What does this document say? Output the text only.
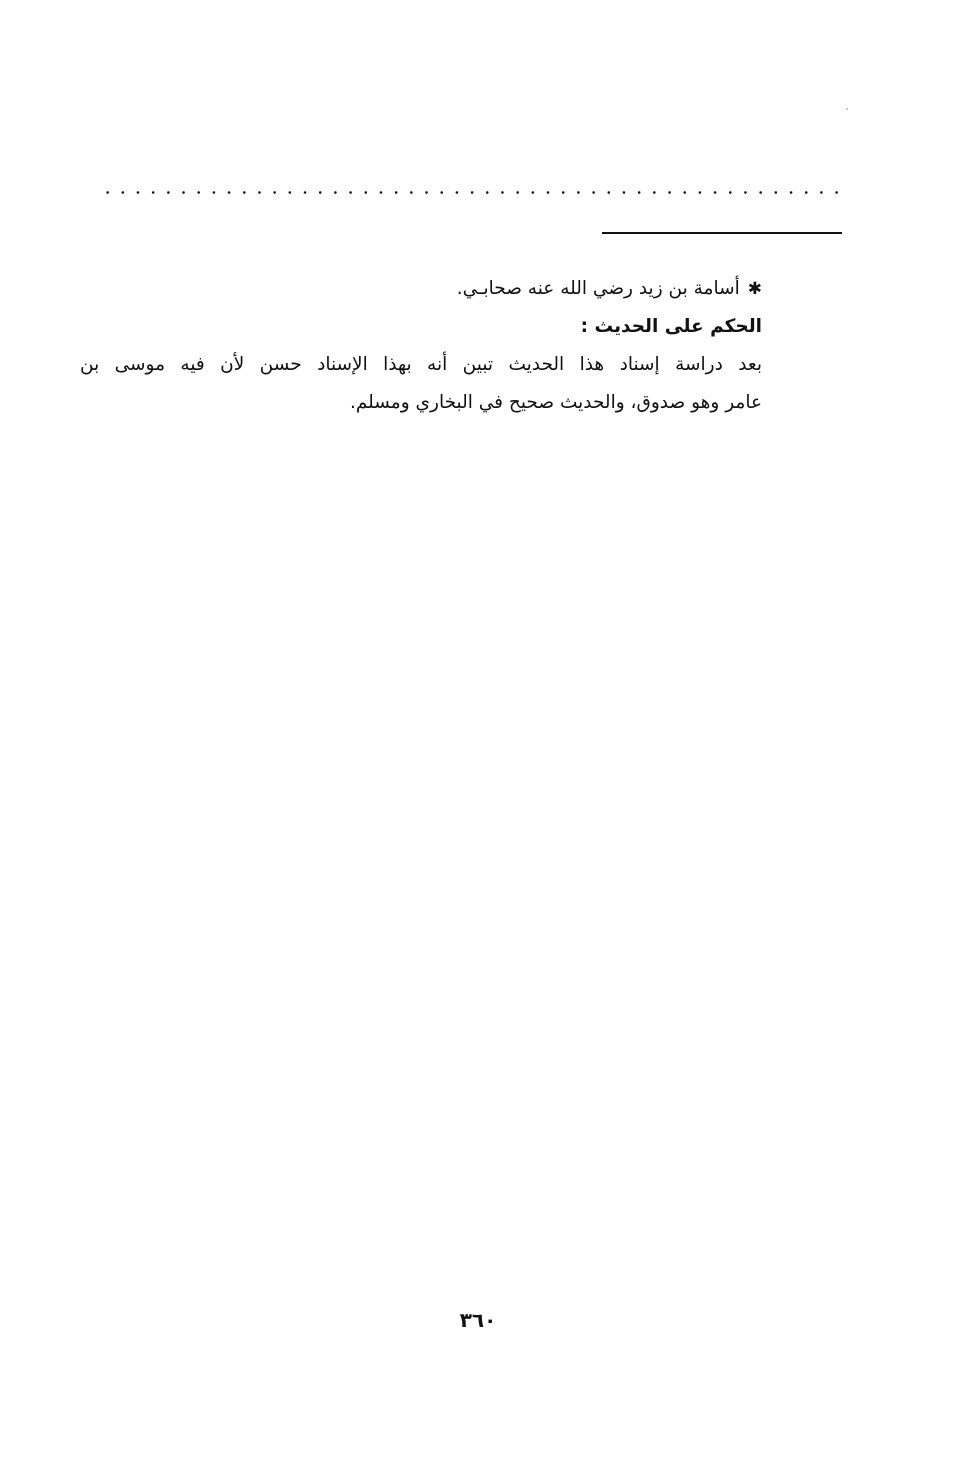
✱أسامة بن زيد رضي الله عنه صحابـي.
الحكم على الحديث :
بعد دراسة إسناد هذا الحديث تبين أنه بهذا الإسناد حسن لأن فيه موسى بن
عامر وهو صدوق، والحديث صحيح في البخاري ومسلم.
٣٦٠
